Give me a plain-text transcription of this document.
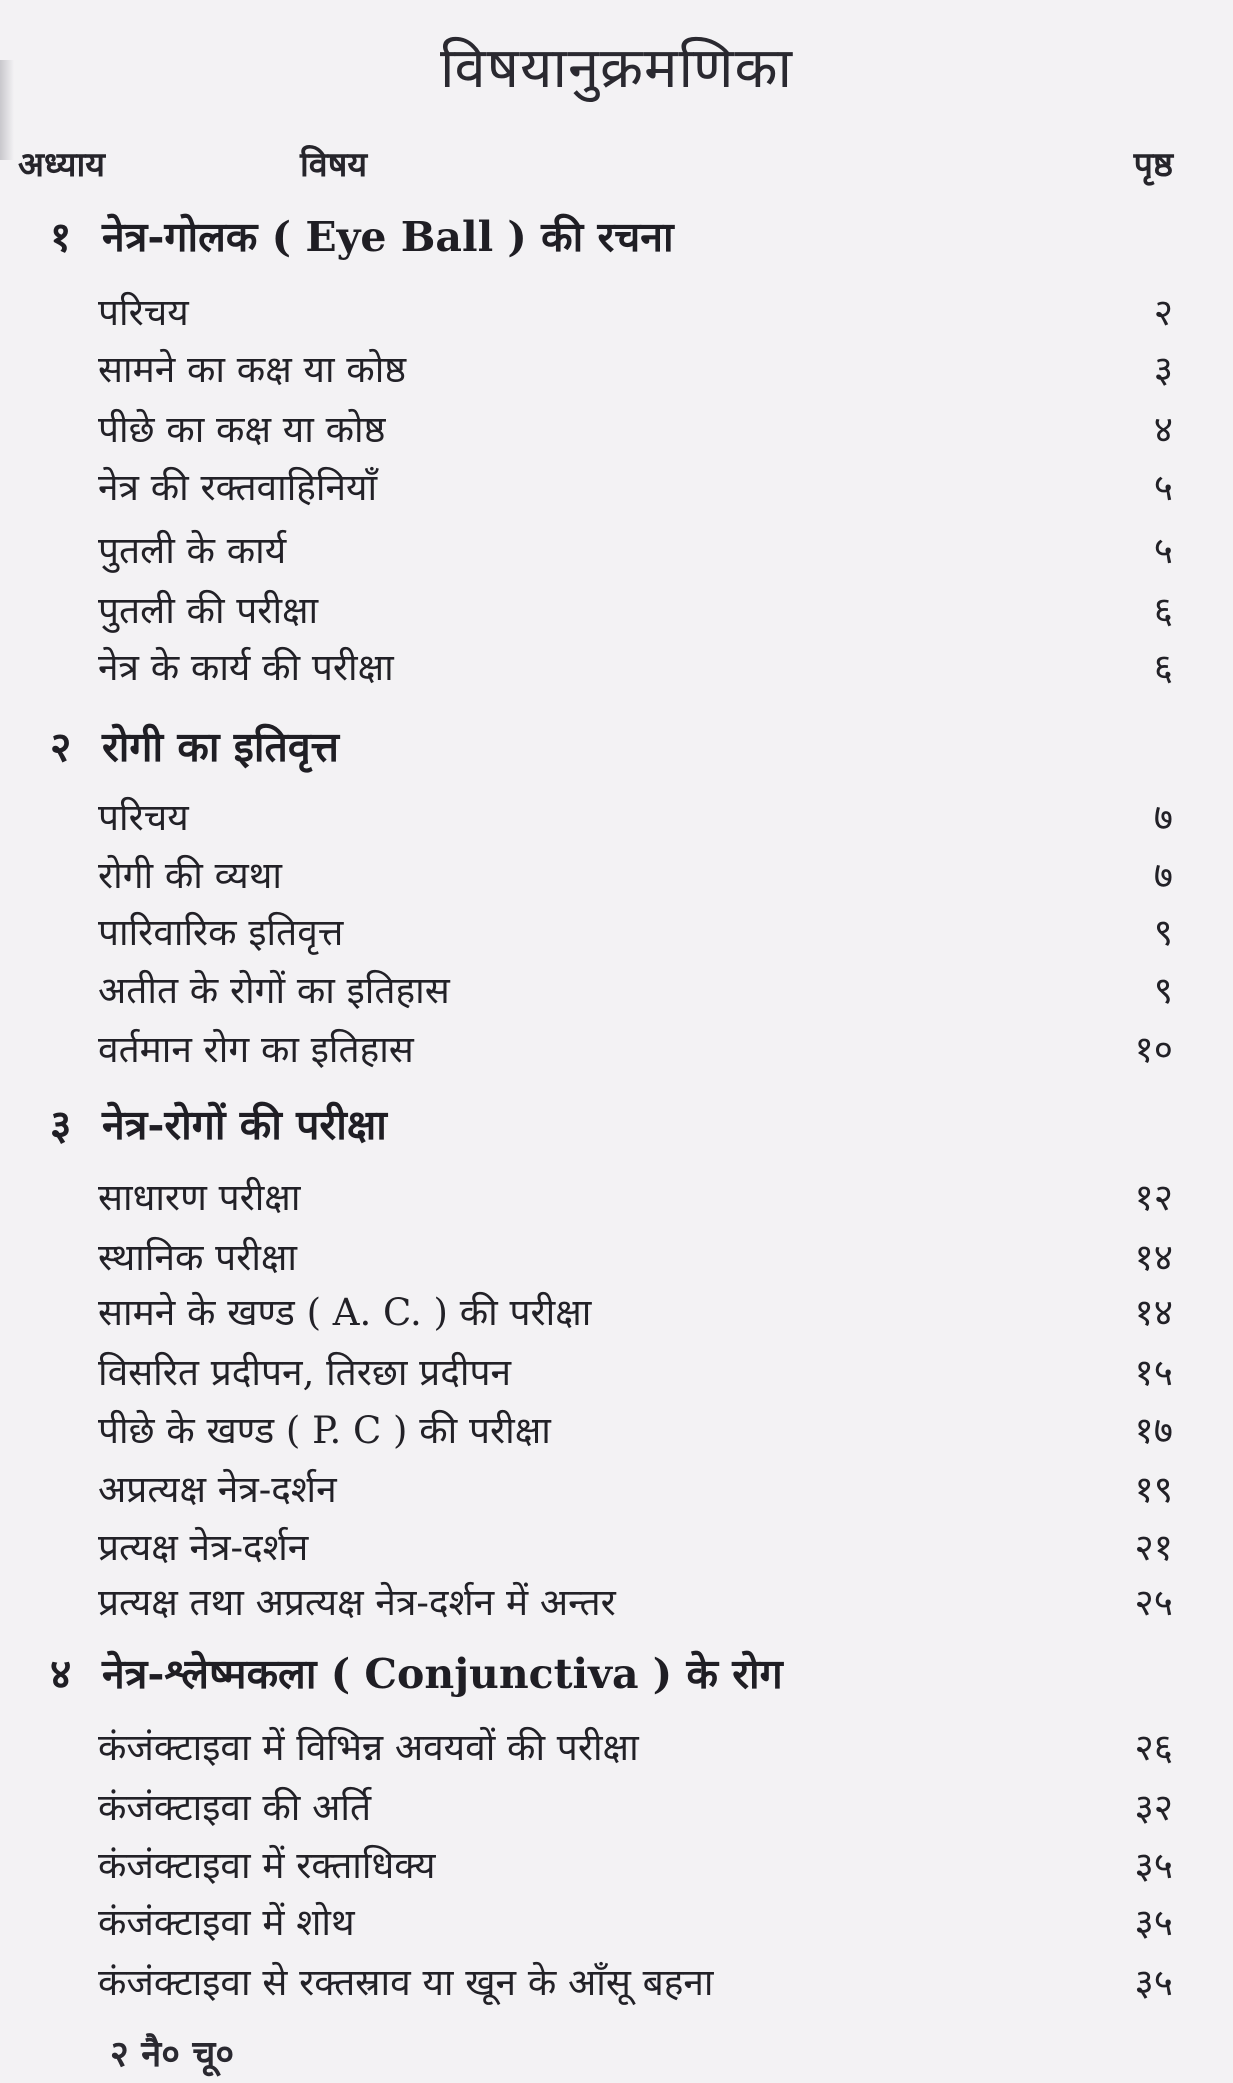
विषयानुक्रमणिका
अध्याय	विषय	पृष्ठ
१ नेत्र-गोलक ( Eye Ball ) की रचना
परिचय	२
सामने का कक्ष या कोष्ठ	३
पीछे का कक्ष या कोष्ठ	४
नेत्र की रक्तवाहिनियाँ	५
पुतली के कार्य	५
पुतली की परीक्षा	६
नेत्र के कार्य की परीक्षा	६
२ रोगी का इतिवृत्त
परिचय	७
रोगी की व्यथा	७
पारिवारिक इतिवृत्त	९
अतीत के रोगों का इतिहास	९
वर्तमान रोग का इतिहास	१०
३ नेत्र-रोगों की परीक्षा
साधारण परीक्षा	१२
स्थानिक परीक्षा	१४
सामने के खण्ड ( A. C. ) की परीक्षा	१४
विसरित प्रदीपन, तिरछा प्रदीपन	१५
पीछे के खण्ड ( P. C ) की परीक्षा	१७
अप्रत्यक्ष नेत्र-दर्शन	१९
प्रत्यक्ष नेत्र-दर्शन	२१
प्रत्यक्ष तथा अप्रत्यक्ष नेत्र-दर्शन में अन्तर	२५
४ नेत्र-श्लेष्मकला ( Conjunctiva ) के रोग
कंजंक्टाइवा में विभिन्न अवयवों की परीक्षा	२६
कंजंक्टाइवा की अर्ति	३२
कंजंक्टाइवा में रक्ताधिक्य	३५
कंजंक्टाइवा में शोथ	३५
कंजंक्टाइवा से रक्तस्राव या खून के आँसू बहना	३५
२ नै० चू०
